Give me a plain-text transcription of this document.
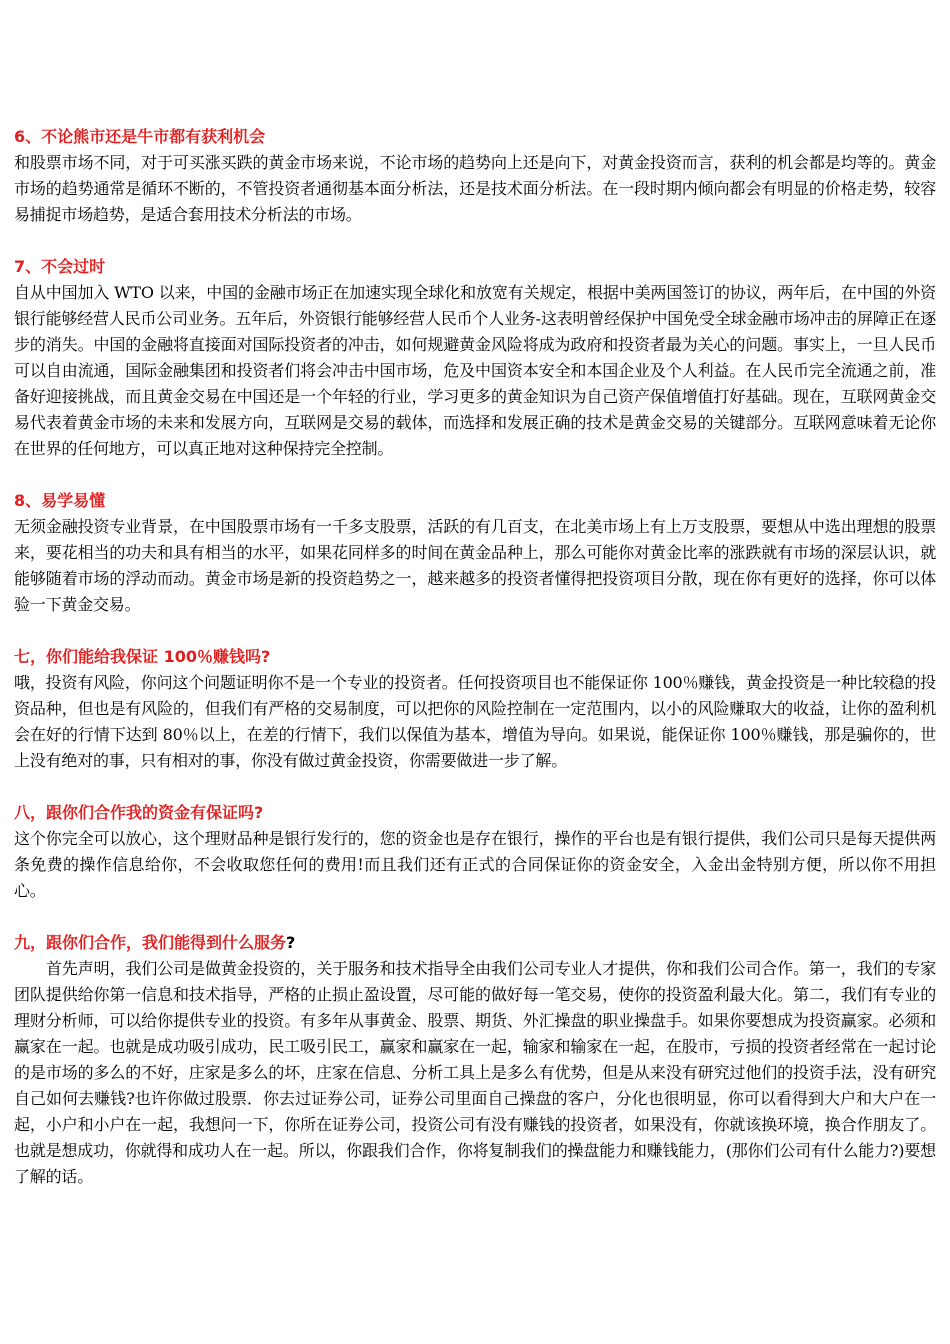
6、不论熊市还是牛市都有获利机会
和股票市场不同，对于可买涨买跌的黄金市场来说，不论市场的趋势向上还是向下，对黄金投资而言，获利的机会都是均等的。黄金市场的趋势通常是循环不断的，不管投资者通彻基本面分析法，还是技术面分析法。在一段时期内倾向都会有明显的价格走势，较容易捕捉市场趋势，是适合套用技术分析法的市场。
7、不会过时
自从中国加入 WTO 以来，中国的金融市场正在加速实现全球化和放宽有关规定，根据中美两国签订的协议，两年后，在中国的外资银行能够经营人民币公司业务。五年后，外资银行能够经营人民币个人业务-这表明曾经保护中国免受全球金融市场冲击的屏障正在逐步的消失。中国的金融将直接面对国际投资者的冲击，如何规避黄金风险将成为政府和投资者最为关心的问题。事实上，一旦人民币可以自由流通，国际金融集团和投资者们将会冲击中国市场，危及中国资本安全和本国企业及个人利益。在人民币完全流通之前，准备好迎接挑战，而且黄金交易在中国还是一个年轻的行业，学习更多的黄金知识为自己资产保值增值打好基础。现在，互联网黄金交易代表着黄金市场的未来和发展方向，互联网是交易的载体，而选择和发展正确的技术是黄金交易的关键部分。互联网意味着无论你在世界的任何地方，可以真正地对这种保持完全控制。
8、易学易懂
无须金融投资专业背景，在中国股票市场有一千多支股票，活跃的有几百支，在北美市场上有上万支股票，要想从中选出理想的股票来，要花相当的功夫和具有相当的水平，如果花同样多的时间在黄金品种上，那么可能你对黄金比率的涨跌就有市场的深层认识，就能够随着市场的浮动而动。黄金市场是新的投资趋势之一，越来越多的投资者懂得把投资项目分散，现在你有更好的选择，你可以体验一下黄金交易。
七，你们能给我保证 100％赚钱吗?
哦，投资有风险，你问这个问题证明你不是一个专业的投资者。任何投资项目也不能保证你 100％赚钱，黄金投资是一种比较稳的投资品种，但也是有风险的，但我们有严格的交易制度，可以把你的风险控制在一定范围内，以小的风险赚取大的收益，让你的盈利机会在好的行情下达到 80％以上，在差的行情下，我们以保值为基本，增值为导向。如果说，能保证你 100％赚钱，那是骗你的，世上没有绝对的事，只有相对的事，你没有做过黄金投资，你需要做进一步了解。
八，跟你们合作我的资金有保证吗?
这个你完全可以放心，这个理财品种是银行发行的，您的资金也是存在银行，操作的平台也是有银行提供，我们公司只是每天提供两条免费的操作信息给你，不会收取您任何的费用!而且我们还有正式的合同保证你的资金安全，入金出金特别方便，所以你不用担心。
九，跟你们合作，我们能得到什么服务?
首先声明，我们公司是做黄金投资的，关于服务和技术指导全由我们公司专业人才提供，你和我们公司合作。第一，我们的专家团队提供给你第一信息和技术指导，严格的止损止盈设置，尽可能的做好每一笔交易，使你的投资盈利最大化。第二，我们有专业的理财分析师，可以给你提供专业的投资。有多年从事黄金、股票、期货、外汇操盘的职业操盘手。如果你要想成为投资赢家。必须和赢家在一起。也就是成功吸引成功，民工吸引民工，赢家和赢家在一起，输家和输家在一起，在股市，亏损的投资者经常在一起讨论的是市场的多么的不好，庄家是多么的坏，庄家在信息、分析工具上是多么有优势，但是从来没有研究过他们的投资手法，没有研究自己如何去赚钱?也许你做过股票．你去过证券公司，证券公司里面自己操盘的客户，分化也很明显，你可以看得到大户和大户在一起，小户和小户在一起，我想问一下，你所在证券公司，投资公司有没有赚钱的投资者，如果没有，你就该换环境，换合作朋友了。也就是想成功，你就得和成功人在一起。所以，你跟我们合作，你将复制我们的操盘能力和赚钱能力，(那你们公司有什么能力?)要想了解的话。
